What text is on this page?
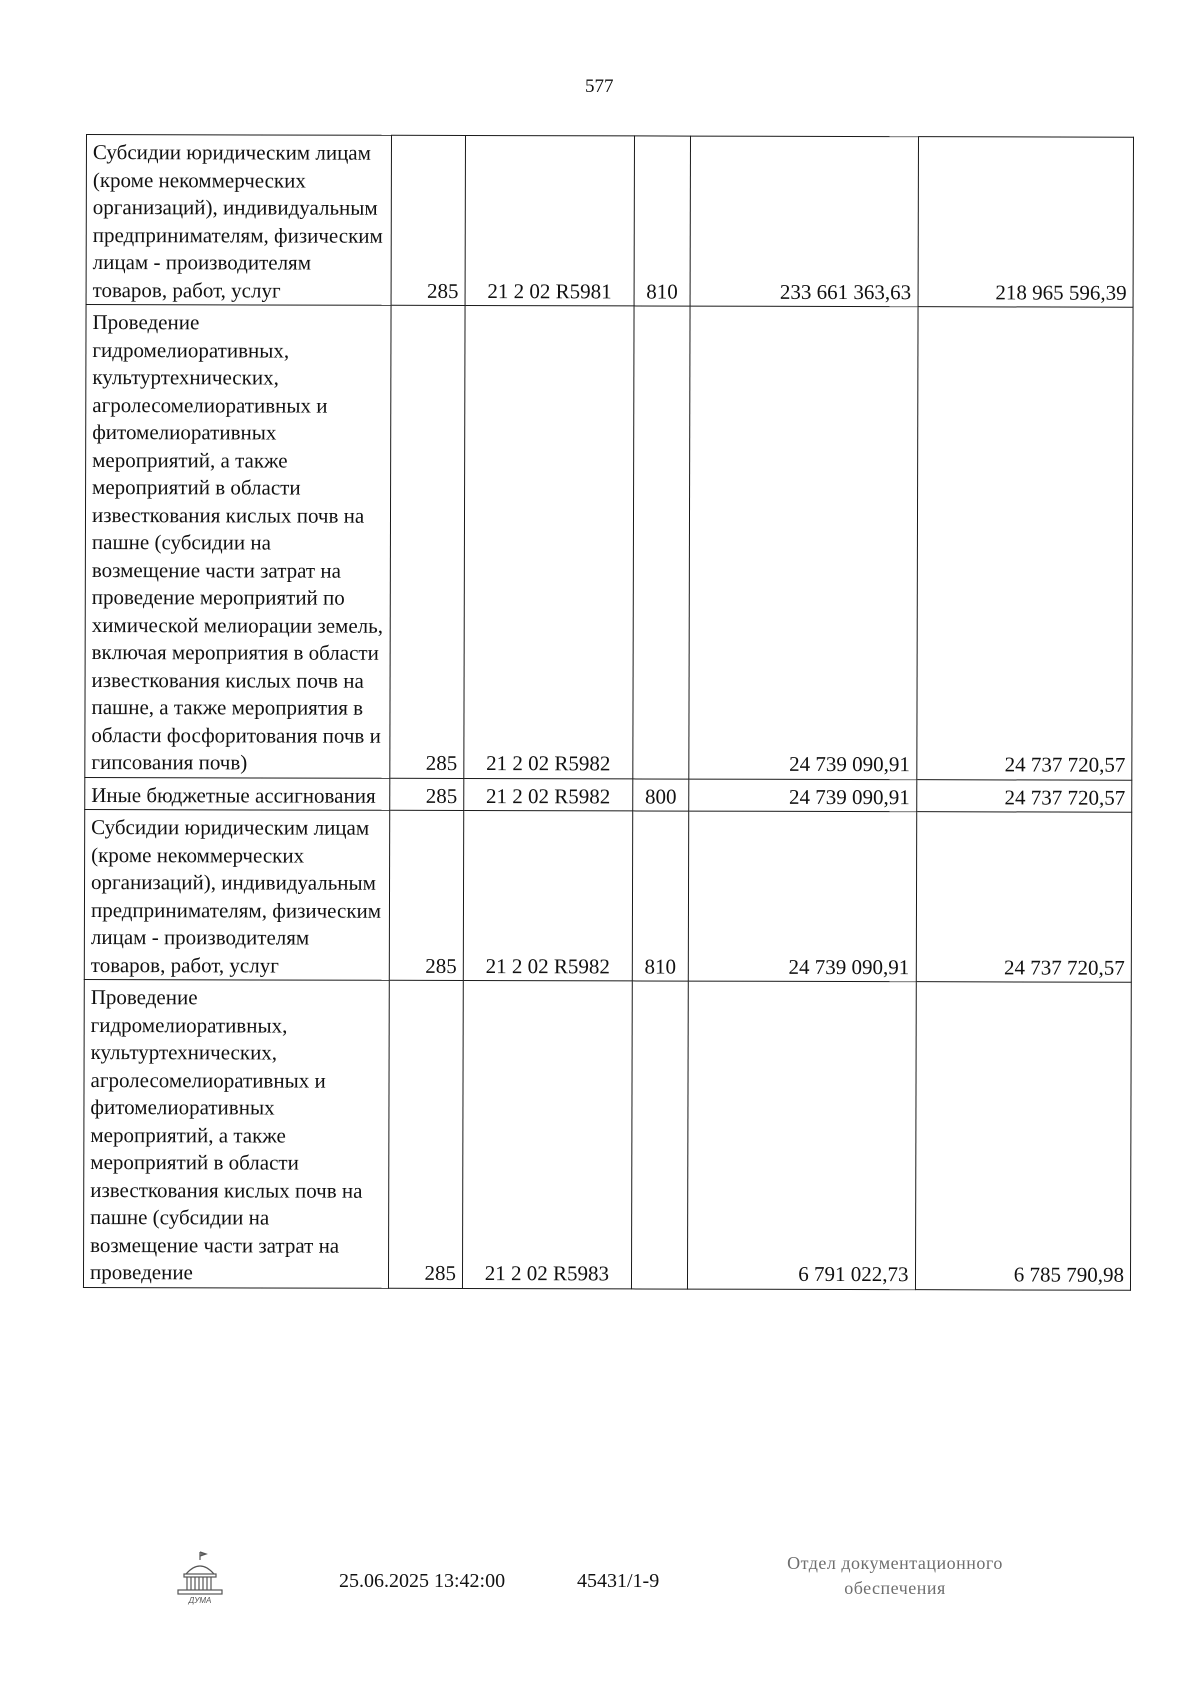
577
Субсидии юридическим лицам (кроме некоммерческих организаций), индивидуальным предпринимателям, физическим лицам - производителям товаров, работ, услуг	285	21 2 02 R5981	810	233 661 363,63	218 965 596,39
Проведение гидромелиоративных, культуртехнических, агролесомелиоративных и фитомелиоративных мероприятий, а также мероприятий в области известкования кислых почв на пашне (субсидии на возмещение части затрат на проведение мероприятий по химической мелиорации земель, включая мероприятия в области известкования кислых почв на пашне, а также мероприятия в области фосфоритования почв и гипсования почв)	285	21 2 02 R5982		24 739 090,91	24 737 720,57
Иные бюджетные ассигнования	285	21 2 02 R5982	800	24 739 090,91	24 737 720,57
Субсидии юридическим лицам (кроме некоммерческих организаций), индивидуальным предпринимателям, физическим лицам - производителям товаров, работ, услуг	285	21 2 02 R5982	810	24 739 090,91	24 737 720,57
Проведение гидромелиоративных, культуртехнических, агролесомелиоративных и фитомелиоративных мероприятий, а также мероприятий в области известкования кислых почв на пашне (субсидии на возмещение части затрат на проведение	285	21 2 02 R5983		6 791 022,73	6 785 790,98
ДУМА
25.06.2025 13:42:00	45431/1-9
Отдел документационного
обеспечения
